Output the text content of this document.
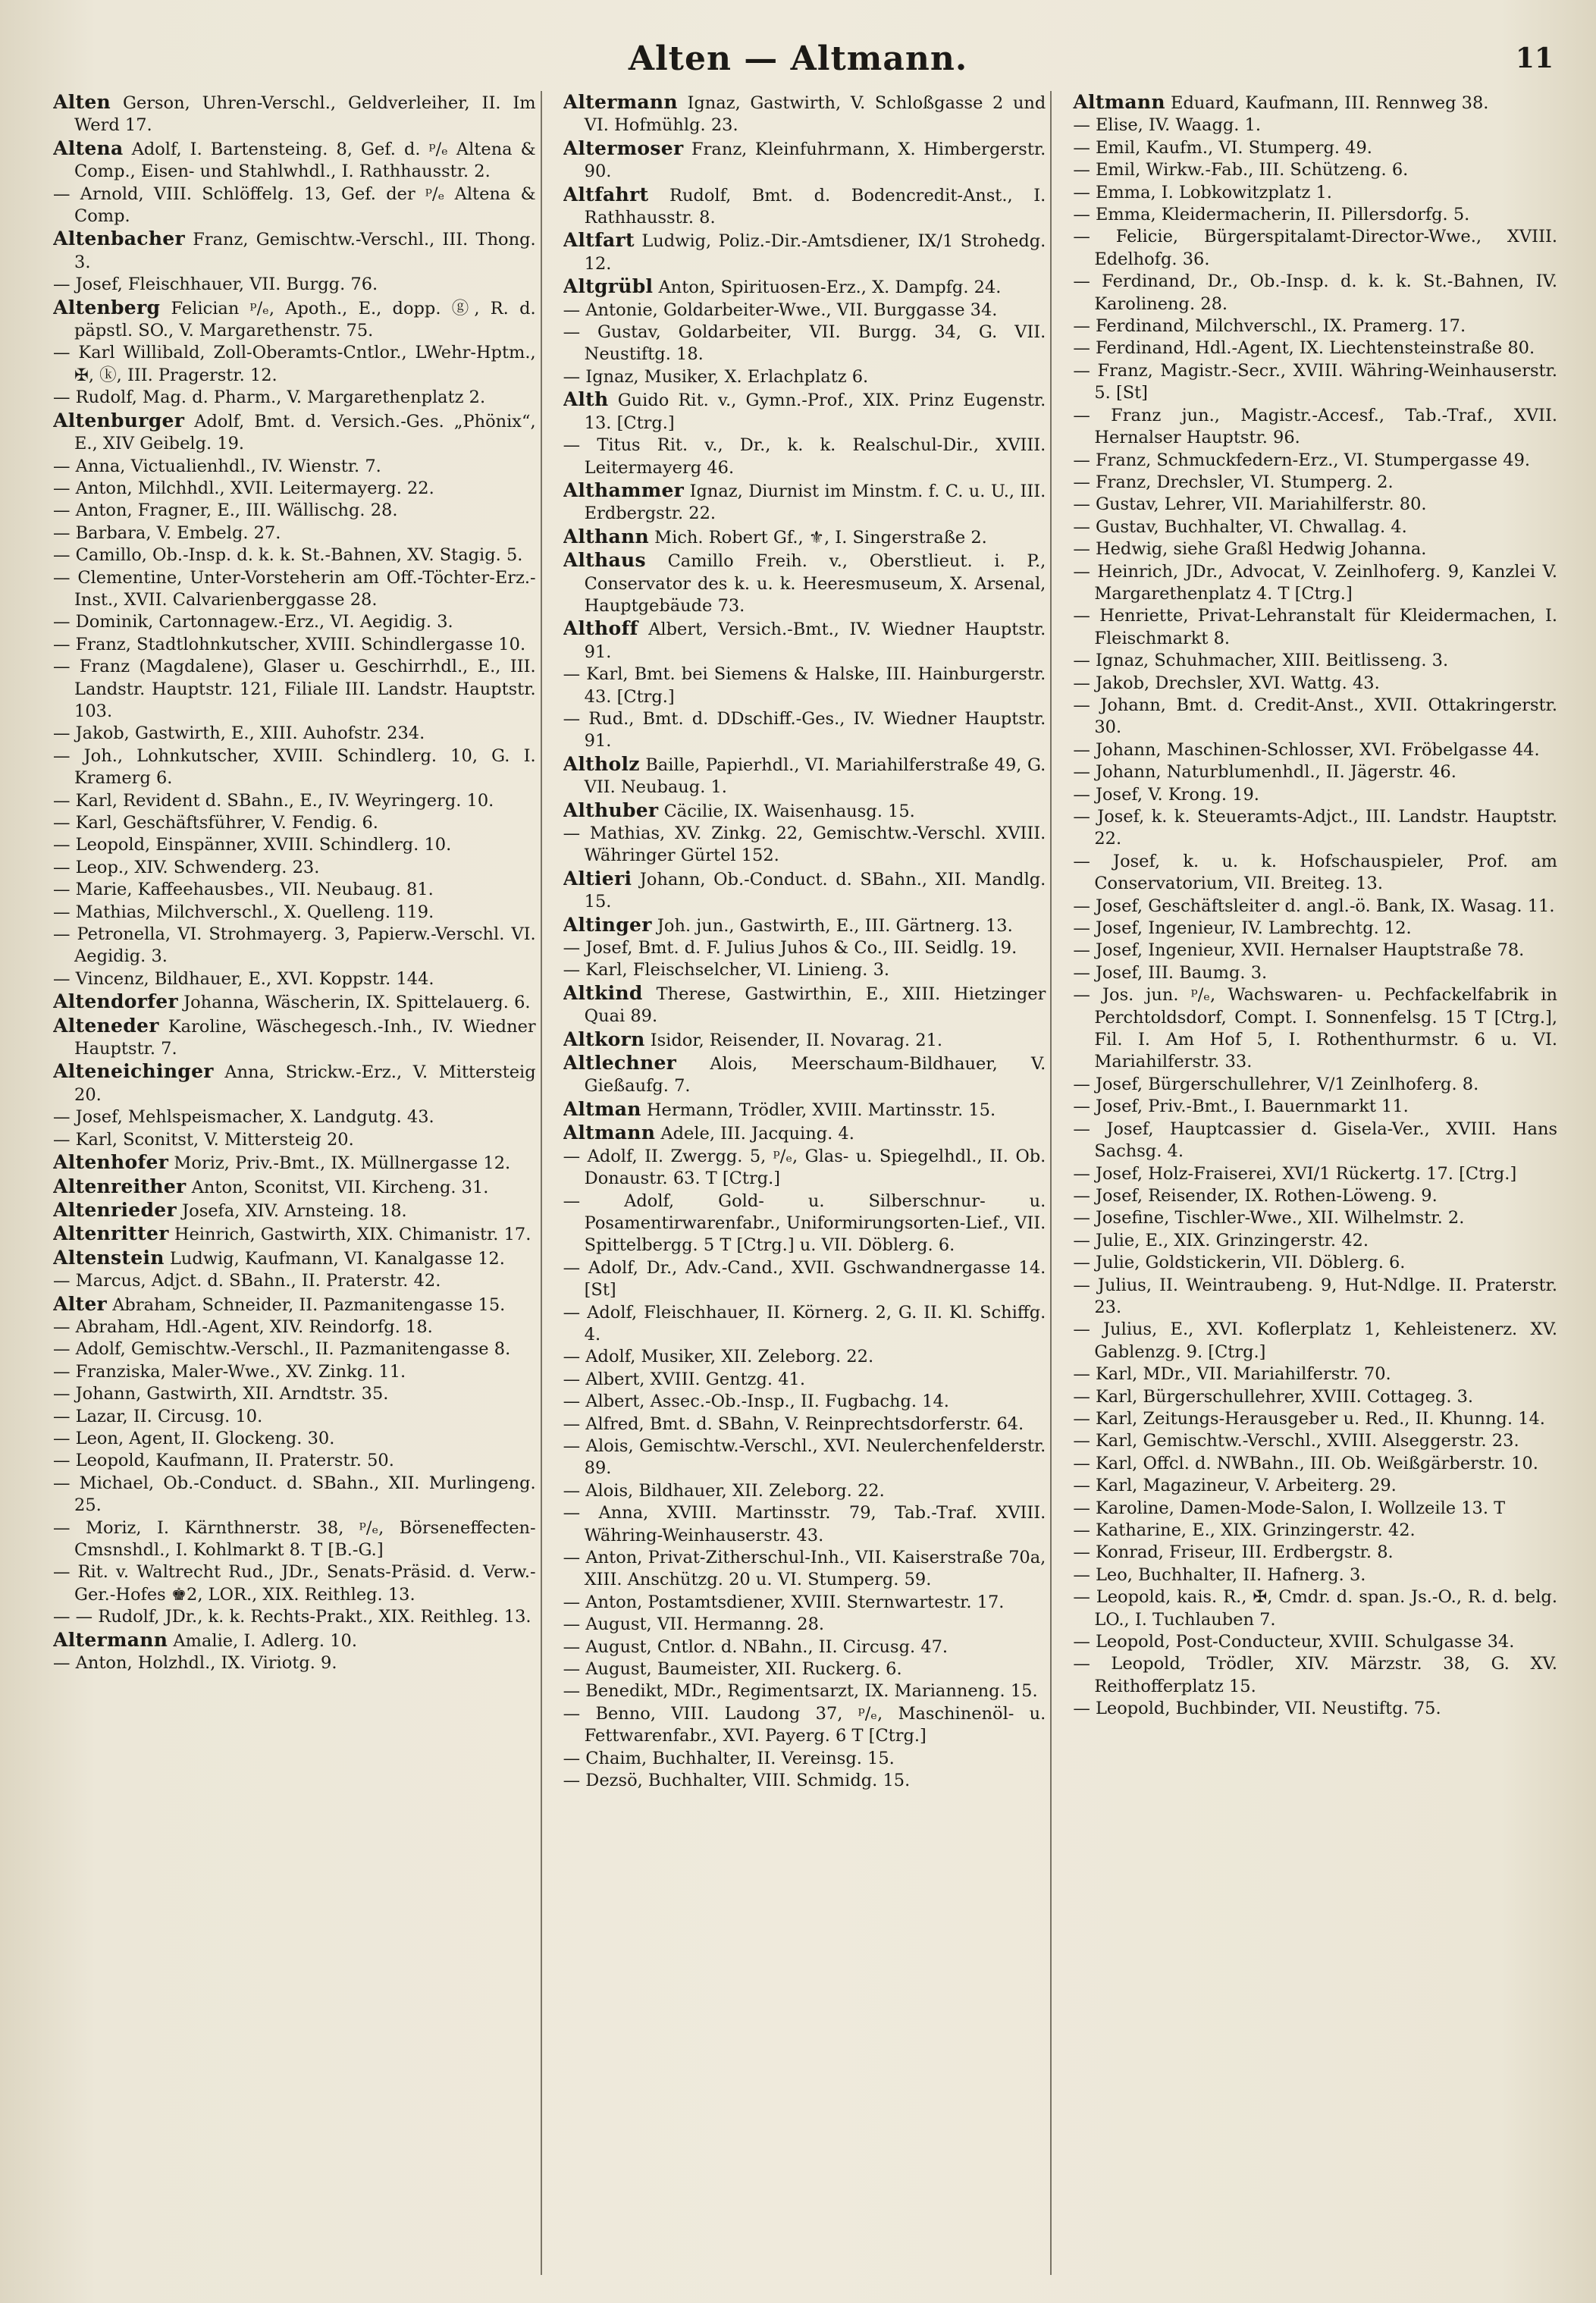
Alten — Altmann.	11

Alten Gerson, Uhren-Verschl., Geldverleiher, II. Im Werd 17.

Altena Adolf, I. Bartensteing. 8, Gef. d. ᵖ/ₑ Altena & Comp., Eisen- und Stahlwhdl., I. Rathhausstr. 2.

— Arnold, VIII. Schlöffelg. 13, Gef. der ᵖ/ₑ Altena & Comp.

Altenbacher Franz, Gemischtw.-Verschl., III. Thong. 3.

— Josef, Fleischhauer, VII. Burgg. 76.

Altenberg Felician ᵖ/ₑ, Apoth., E., dopp. ⓖ, R. d. päpstl. SO., V. Margarethenstr. 75.

— Karl Willibald, Zoll-Oberamts-Cntlor., LWehr-Hptm., ✠, ⓚ, III. Pragerstr. 12.

— Rudolf, Mag. d. Pharm., V. Margarethenplatz 2.

Altenburger Adolf, Bmt. d. Versich.-Ges. „Phönix“, E., XIV Geibelg. 19.

— Anna, Victualienhdl., IV. Wienstr. 7.

— Anton, Milchhdl., XVII. Leitermayerg. 22.

— Anton, Fragner, E., III. Wällischg. 28.

— Barbara, V. Embelg. 27.

— Camillo, Ob.-Insp. d. k. k. St.-Bahnen, XV. Stagig. 5.

— Clementine, Unter-Vorsteherin am Off.-Töchter-Erz.-Inst., XVII. Calvarienberggasse 28.

— Dominik, Cartonnagew.-Erz., VI. Aegidig. 3.

— Franz, Stadtlohnkutscher, XVIII. Schindlergasse 10.

— Franz (Magdalene), Glaser u. Geschirrhdl., E., III. Landstr. Hauptstr. 121, Filiale III. Landstr. Hauptstr. 103.

— Jakob, Gastwirth, E., XIII. Auhofstr. 234.

— Joh., Lohnkutscher, XVIII. Schindlerg. 10, G. I. Kramerg 6.

— Karl, Revident d. SBahn., E., IV. Weyringerg. 10.

— Karl, Geschäftsführer, V. Fendig. 6.

— Leopold, Einspänner, XVIII. Schindlerg. 10.

— Leop., XIV. Schwenderg. 23.

— Marie, Kaffeehausbes., VII. Neubaug. 81.

— Mathias, Milchverschl., X. Quelleng. 119.

— Petronella, VI. Strohmayerg. 3, Papierw.-Verschl. VI. Aegidig. 3.

— Vincenz, Bildhauer, E., XVI. Koppstr. 144.

Altendorfer Johanna, Wäscherin, IX. Spittelauerg. 6.

Alteneder Karoline, Wäschegesch.-Inh., IV. Wiedner Hauptstr. 7.

Alteneichinger Anna, Strickw.-Erz., V. Mittersteig 20.

— Josef, Mehlspeismacher, X. Landgutg. 43.

— Karl, Sconitst, V. Mittersteig 20.

Altenhofer Moriz, Priv.-Bmt., IX. Müllnergasse 12.

Altenreither Anton, Sconitst, VII. Kircheng. 31.

Altenrieder Josefa, XIV. Arnsteing. 18.

Altenritter Heinrich, Gastwirth, XIX. Chimanistr. 17.

Altenstein Ludwig, Kaufmann, VI. Kanalgasse 12.

— Marcus, Adjct. d. SBahn., II. Praterstr. 42.

Alter Abraham, Schneider, II. Pazmanitengasse 15.

— Abraham, Hdl.-Agent, XIV. Reindorfg. 18.

— Adolf, Gemischtw.-Verschl., II. Pazmanitengasse 8.

— Franziska, Maler-Wwe., XV. Zinkg. 11.

— Johann, Gastwirth, XII. Arndtstr. 35.

— Lazar, II. Circusg. 10.

— Leon, Agent, II. Glockeng. 30.

— Leopold, Kaufmann, II. Praterstr. 50.

— Michael, Ob.-Conduct. d. SBahn., XII. Murlingeng. 25.

— Moriz, I. Kärnthnerstr. 38, ᵖ/ₑ, Börseneffecten-Cmsnshdl., I. Kohlmarkt 8. T [B.-G.]

— Rit. v. Waltrecht Rud., JDr., Senats-Präsid. d. Verw.-Ger.-Hofes ♚2, LOR., XIX. Reithleg. 13.

— — Rudolf, JDr., k. k. Rechts-Prakt., XIX. Reithleg. 13.

Altermann Amalie, I. Adlerg. 10.

— Anton, Holzhdl., IX. Viriotg. 9.

Altermann Ignaz, Gastwirth, V. Schloßgasse 2 und VI. Hofmühlg. 23.

Altermoser Franz, Kleinfuhrmann, X. Himbergerstr. 90.

Altfahrt Rudolf, Bmt. d. Bodencredit-Anst., I. Rathhausstr. 8.

Altfart Ludwig, Poliz.-Dir.-Amtsdiener, IX/1 Strohedg. 12.

Altgrübl Anton, Spirituosen-Erz., X. Dampfg. 24.

— Antonie, Goldarbeiter-Wwe., VII. Burggasse 34.

— Gustav, Goldarbeiter, VII. Burgg. 34, G. VII. Neustiftg. 18.

— Ignaz, Musiker, X. Erlachplatz 6.

Alth Guido Rit. v., Gymn.-Prof., XIX. Prinz Eugenstr. 13. [Ctrg.]

— Titus Rit. v., Dr., k. k. Realschul-Dir., XVIII. Leitermayerg 46.

Althammer Ignaz, Diurnist im Minstm. f. C. u. U., III. Erdbergstr. 22.

Althann Mich. Robert Gf., ⚜, I. Singerstraße 2.

Althaus Camillo Freih. v., Oberstlieut. i. P., Conservator des k. u. k. Heeresmuseum, X. Arsenal, Hauptgebäude 73.

Althoff Albert, Versich.-Bmt., IV. Wiedner Hauptstr. 91.

— Karl, Bmt. bei Siemens & Halske, III. Hainburgerstr. 43. [Ctrg.]

— Rud., Bmt. d. DDschiff.-Ges., IV. Wiedner Hauptstr. 91.

Altholz Baille, Papierhdl., VI. Mariahilferstraße 49, G. VII. Neubaug. 1.

Althuber Cäcilie, IX. Waisenhausg. 15.

— Mathias, XV. Zinkg. 22, Gemischtw.-Verschl. XVIII. Währinger Gürtel 152.

Altieri Johann, Ob.-Conduct. d. SBahn., XII. Mandlg. 15.

Altinger Joh. jun., Gastwirth, E., III. Gärtnerg. 13.

— Josef, Bmt. d. F. Julius Juhos & Co., III. Seidlg. 19.

— Karl, Fleischselcher, VI. Linieng. 3.

Altkind Therese, Gastwirthin, E., XIII. Hietzinger Quai 89.

Altkorn Isidor, Reisender, II. Novarag. 21.

Altlechner Alois, Meerschaum-Bildhauer, V. Gießaufg. 7.

Altman Hermann, Trödler, XVIII. Martinsstr. 15.

Altmann Adele, III. Jacquing. 4.

— Adolf, II. Zwergg. 5, ᵖ/ₑ, Glas- u. Spiegelhdl., II. Ob. Donaustr. 63. T [Ctrg.]

— Adolf, Gold- u. Silberschnur- u. Posamentirwarenfabr., Uniformirungsorten-Lief., VII. Spittelbergg. 5 T [Ctrg.] u. VII. Döblerg. 6.

— Adolf, Dr., Adv.-Cand., XVII. Gschwandnergasse 14. [St]

— Adolf, Fleischhauer, II. Körnerg. 2, G. II. Kl. Schiffg. 4.

— Adolf, Musiker, XII. Zeleborg. 22.

— Albert, XVIII. Gentzg. 41.

— Albert, Assec.-Ob.-Insp., II. Fugbachg. 14.

— Alfred, Bmt. d. SBahn, V. Reinprechtsdorferstr. 64.

— Alois, Gemischtw.-Verschl., XVI. Neulerchenfelderstr. 89.

— Alois, Bildhauer, XII. Zeleborg. 22.

— Anna, XVIII. Martinsstr. 79, Tab.-Traf. XVIII. Währing-Weinhauserstr. 43.

— Anton, Privat-Zitherschul-Inh., VII. Kaiserstraße 70a, XIII. Anschützg. 20 u. VI. Stumperg. 59.

— Anton, Postamtsdiener, XVIII. Sternwartestr. 17.

— August, VII. Hermanng. 28.

— August, Cntlor. d. NBahn., II. Circusg. 47.

— August, Baumeister, XII. Ruckerg. 6.

— Benedikt, MDr., Regimentsarzt, IX. Marianneng. 15.

— Benno, VIII. Laudong 37, ᵖ/ₑ, Maschinenöl- u. Fettwarenfabr., XVI. Payerg. 6 T [Ctrg.]

— Chaim, Buchhalter, II. Vereinsg. 15.

— Dezsö, Buchhalter, VIII. Schmidg. 15.

Altmann Eduard, Kaufmann, III. Rennweg 38.

— Elise, IV. Waagg. 1.

— Emil, Kaufm., VI. Stumperg. 49.

— Emil, Wirkw.-Fab., III. Schützeng. 6.

— Emma, I. Lobkowitzplatz 1.

— Emma, Kleidermacherin, II. Pillersdorfg. 5.

— Felicie, Bürgerspitalamt-Director-Wwe., XVIII. Edelhofg. 36.

— Ferdinand, Dr., Ob.-Insp. d. k. k. St.-Bahnen, IV. Karolineng. 28.

— Ferdinand, Milchverschl., IX. Pramerg. 17.

— Ferdinand, Hdl.-Agent, IX. Liechtensteinstraße 80.

— Franz, Magistr.-Secr., XVIII. Währing-Weinhauserstr. 5. [St]

— Franz jun., Magistr.-Accesf., Tab.-Traf., XVII. Hernalser Hauptstr. 96.

— Franz, Schmuckfedern-Erz., VI. Stumpergasse 49.

— Franz, Drechsler, VI. Stumperg. 2.

— Gustav, Lehrer, VII. Mariahilferstr. 80.

— Gustav, Buchhalter, VI. Chwallag. 4.

— Hedwig, siehe Graßl Hedwig Johanna.

— Heinrich, JDr., Advocat, V. Zeinlhoferg. 9, Kanzlei V. Margarethenplatz 4. T [Ctrg.]

— Henriette, Privat-Lehranstalt für Kleidermachen, I. Fleischmarkt 8.

— Ignaz, Schuhmacher, XIII. Beitlisseng. 3.

— Jakob, Drechsler, XVI. Wattg. 43.

— Johann, Bmt. d. Credit-Anst., XVII. Ottakringerstr. 30.

— Johann, Maschinen-Schlosser, XVI. Fröbelgasse 44.

— Johann, Naturblumenhdl., II. Jägerstr. 46.

— Josef, V. Krong. 19.

— Josef, k. k. Steueramts-Adjct., III. Landstr. Hauptstr. 22.

— Josef, k. u. k. Hofschauspieler, Prof. am Conservatorium, VII. Breiteg. 13.

— Josef, Geschäftsleiter d. angl.-ö. Bank, IX. Wasag. 11.

— Josef, Ingenieur, IV. Lambrechtg. 12.

— Josef, Ingenieur, XVII. Hernalser Hauptstraße 78.

— Josef, III. Baumg. 3.

— Jos. jun. ᵖ/ₑ, Wachswaren- u. Pechfackelfabrik in Perchtoldsdorf, Compt. I. Sonnenfelsg. 15 T [Ctrg.], Fil. I. Am Hof 5, I. Rothenthurmstr. 6 u. VI. Mariahilferstr. 33.

— Josef, Bürgerschullehrer, V/1 Zeinlhoferg. 8.

— Josef, Priv.-Bmt., I. Bauernmarkt 11.

— Josef, Hauptcassier d. Gisela-Ver., XVIII. Hans Sachsg. 4.

— Josef, Holz-Fraiserei, XVI/1 Rückertg. 17. [Ctrg.]

— Josef, Reisender, IX. Rothen-Löweng. 9.

— Josefine, Tischler-Wwe., XII. Wilhelmstr. 2.

— Julie, E., XIX. Grinzingerstr. 42.

— Julie, Goldstickerin, VII. Döblerg. 6.

— Julius, II. Weintraubeng. 9, Hut-Ndlge. II. Praterstr. 23.

— Julius, E., XVI. Koflerplatz 1, Kehleistenerz. XV. Gablenzg. 9. [Ctrg.]

— Karl, MDr., VII. Mariahilferstr. 70.

— Karl, Bürgerschullehrer, XVIII. Cottageg. 3.

— Karl, Zeitungs-Herausgeber u. Red., II. Khunng. 14.

— Karl, Gemischtw.-Verschl., XVIII. Alseggerstr. 23.

— Karl, Offcl. d. NWBahn., III. Ob. Weißgärberstr. 10.

— Karl, Magazineur, V. Arbeiterg. 29.

— Karoline, Damen-Mode-Salon, I. Wollzeile 13. T

— Katharine, E., XIX. Grinzingerstr. 42.

— Konrad, Friseur, III. Erdbergstr. 8.

— Leo, Buchhalter, II. Hafnerg. 3.

— Leopold, kais. R., ✠, Cmdr. d. span. Js.-O., R. d. belg. LO., I. Tuchlauben 7.

— Leopold, Post-Conducteur, XVIII. Schulgasse 34.

— Leopold, Trödler, XIV. Märzstr. 38, G. XV. Reithofferplatz 15.

— Leopold, Buchbinder, VII. Neustiftg. 75.
